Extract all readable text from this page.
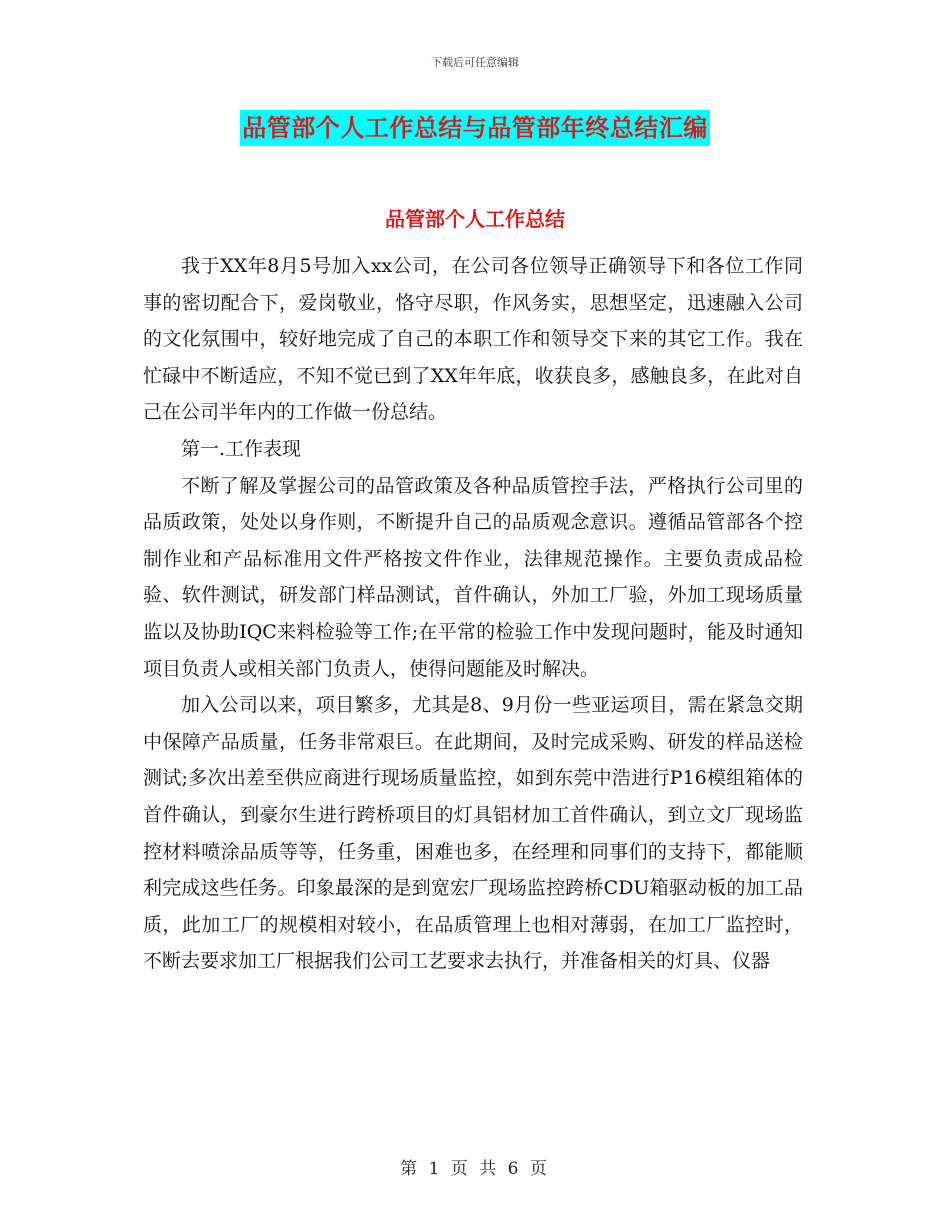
下载后可任意编辑
品管部个人工作总结与品管部年终总结汇编
品管部个人工作总结

我于XX年8月5号加入xx公司，在公司各位领导正确领导下和各位工作同事的密切配合下，爱岗敬业，恪守尽职，作风务实，思想坚定，迅速融入公司的文化氛围中，较好地完成了自己的本职工作和领导交下来的其它工作。我在忙碌中不断适应，不知不觉已到了XX年年底，收获良多，感触良多，在此对自己在公司半年内的工作做一份总结。

第一.工作表现

不断了解及掌握公司的品管政策及各种品质管控手法，严格执行公司里的品质政策，处处以身作则，不断提升自己的品质观念意识。遵循品管部各个控制作业和产品标准用文件严格按文件作业，法律规范操作。主要负责成品检验、软件测试，研发部门样品测试，首件确认，外加工厂验，外加工现场质量监以及协助IQC来料检验等工作;在平常的检验工作中发现问题时，能及时通知项目负责人或相关部门负责人，使得问题能及时解决。

加入公司以来，项目繁多，尤其是8、9月份一些亚运项目，需在紧急交期中保障产品质量，任务非常艰巨。在此期间，及时完成采购、研发的样品送检测试;多次出差至供应商进行现场质量监控，如到东莞中浩进行P16模组箱体的首件确认，到豪尔生进行跨桥项目的灯具铝材加工首件确认，到立文厂现场监控材料喷涂品质等等，任务重，困难也多，在经理和同事们的支持下，都能顺利完成这些任务。印象最深的是到宽宏厂现场监控跨桥CDU箱驱动板的加工品质，此加工厂的规模相对较小，在品质管理上也相对薄弱，在加工厂监控时，不断去要求加工厂根据我们公司工艺要求去执行，并准备相关的灯具、仪器

第 1 页 共 6 页
